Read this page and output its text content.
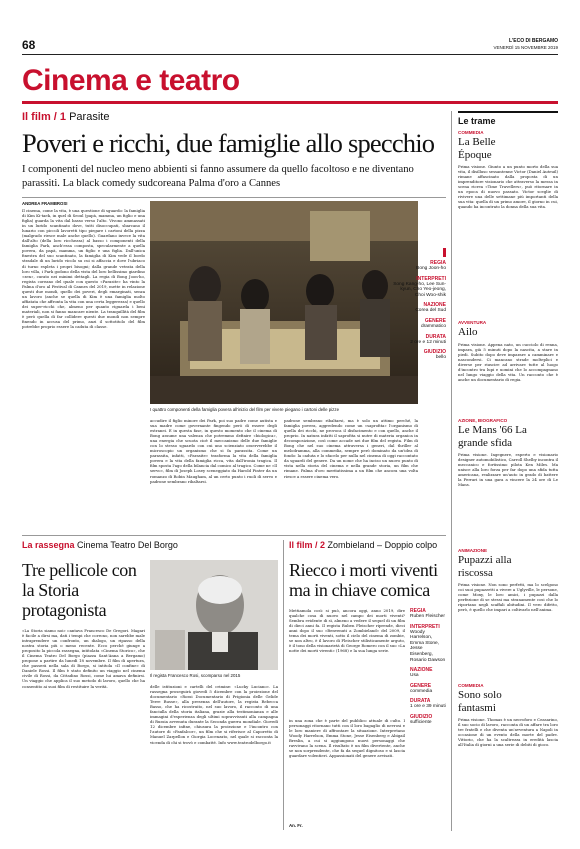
68	L'ECO DI BERGAMO
VENERDÌ 15 NOVEMBRE 2019
Cinema e teatro
Il film / 1 Parasite
Poveri e ricchi, due famiglie allo specchio
I componenti del nucleo meno abbienti si fanno assumere da quello facoltoso e ne diventano parassiti. La black comedy sudcoreana Palma d'oro a Cannes
ANDREA FRAMBROSI
Il cinema, come la vita, è una questione di sguardo: la famiglia di Kim Ki-taek, in quel di Seoul (papà, mamma, un figlio e una figlia) guarda la vita dal basso verso l'alto. Vivono ammassati in un lurido scantinato dove, tutti disoccupati, sbarcano il lunario con piccoli lavoretti tipo piegare i cartoni della pizza (malgrado riesce male anche quello). Guardano invece la vita dall'alto (della loro ricchezza) al basso i componenti della famiglia Park, anch'essa composta, specularmente a quella povera, da papà, mamma, un figlio e una figlia. Dall'unica finestra del suo scantinato, la famiglia di Kim vede il bordo stradale di un lurido vicolo su cui si affaccia e dove l'ubriaco di turno espleta i propri bisogni; dalla grande vetrata della loro villa, i Park godono della vista del loro bellissimo giardino «zen», curato nei minimi dettagli. La regia di Bong Joon-ho, regista coreano del quale con questo «Parasite» ha vinto la Palma d'oro al Festival di Cannes del 2019, mette in relazione questi due mondi, quello dei poveri, degli emarginati, senza un lavoro (anche se quella di Kim è una famiglia molto affiatata che affronta la vita con una certa leggerezza) e quello dei super-ricchi che, almeno per quanto riguarda i beni materiali, non si fanno mancare niente. La tranquillità del film è però quella di far collidere questi due mondi non sempre finendo in accusa del primo, anzi il sottotitolo del film potrebbe proprio essere la caduta di classe.
I quattro componenti della famiglia povera all'inizio del film per vivere piegano i cartoni delle pizze
accudire il figlio minore dei Park, poi suo padre come autista e sua madre come governante fingendo però di essere degli estranei. E in questa fase, in questo momento che il cinema di Bong assume una valenza che potremmo definire «biologica», una energia che scuota cioè il meccanismo delle due famiglie con lo stesso sguardo con cui uno scienziato osserverebbe il microscopio un organismo che si fa parassita. Come un parassita, infatti, «Parasite» trasforma la vita della famiglia povera e la vita della famiglia ricca, vita dall'ironia tragica. Il film sposta l'ago della bilancia dal comico al tragico. Come ne «Il servo», film di Joseph Losey sceneggiato da Harold Pinter da un romanzo di Robin Maugham, al un certo punto i ruoli di servo e padrone sembrano ribaltarsi.
padrone sembrano ribaltarsi, ma è solo un attimo perché, la famiglia povera, aggredendo come un «saprofita» l'organismo di quella dei ricchi, ne provoca il disfacimento e con quello, anche il proprio. In natura infatti il saprofita si nutre di materia organica in decomposizione, così come accade nei due film del regista. Film di Bong che nel suo cinema attraversa i generi, dal thriller al melodramma, alla commedia, sempre però dominato da un'idea di fondo: la caduta e lo sfacelo per nulla nel cinema di oggi raccontato da sguardi del genere. Da un nome che ha inciso un nuovo punto di vista nella storia del cinema e nella grande storia, un film che rimane. Palma d'oro meritatissima a un film che ancora una volta riesce a essere cinema vero.
REGIA
Bong Joon-ho
INTERPRETI
Song Kang-ho, Lee Sun-kyun, Cho Yeo-jeong, Choi Woo-shik
NAZIONE
Corea del Sud
GENERE
drammatico
DURATA
2 ore e 12 minuti
GIUDIZIO
bello
La rassegna Cinema Teatro Del Borgo
Tre pellicole con la Storia protagonista
«La Storia siamo noi» cantava Francesco De Gregori. Magari è facile a dirsi ma, dati i tempi che corrono, non sarebbe male intraprendere un confronto, un dialogo, un ripasso della nostra storia più o meno recente. Ecco perché giunge a proposito la piccola rassegna, intitolata «Cinema Storico», che il Cinema Teatro Del Borgo (piazza Sant'Anna a Bergamo) propone a partire da lunedì 18 novembre. Il film di apertura, che passerà nella sala di Borgo, si intitola «Il confine» di Daniele Rossi. Il film è stato definito un viaggio nel cinema civile di Rossi, da Cittadino Rossi, come lui amava definirsi. Un viaggio che applica il suo metodo di lavoro, quello che ha consentito ai suoi film di restituire la verità.
Il regista Francesco Rosi, scomparso nel 2015
delle istituzioni e cartelli del crimine: «Lucky Luciano». La rassegna proseguirà giovedì 5 dicembre con la proiezione del documentario «Rossi Documentario di Prigionia delle Gelide Terre Russe», alla presenza dell'autore, la regista Rebecca Basso, che ha ricostruito, nel suo lavoro, il racconto di una fanciulla della storia italiana, grazie alla testimonianza e alle immagini d'esperienza degli ultimi sopravvissuti alla campagna di Russia avvenuta durante la Seconda guerra mondiale. Giovedì 12 dicembre infine, chiusura la proiezione e l'incontro con l'autore di «Fanfalcor», un film che si riferisce al Caporetto di Manuel Zarpellon e Giorgia Locenzato, nel quale si racconta la vicenda di chi si trovò e combatté. Info www.teatrodelborgo.it
Il film / 2 Zombieland – Doppio colpo
Riecco i morti viventi ma in chiave comica
Mettiamola così: si può, ancora oggi, anno 2019, dire qualche cosa di nuovo nel campo dei morti viventi? Sembra evidente di sì, almeno a vedere il sequel di un film di dieci anni fa. Il regista Ruben Fleischer riprende, dieci anni dopo il suo «Benvenuti a Zombieland» del 2009, il tema dei morti viventi, sotto il cielo del cinema di zombie, se non altro, è il lavoro di Fleischer stilisticamente arguto, è il tono della visionarietà di George Romero con il suo «La notte dei morti viventi» (1968) e la sua lunga serie.
in una zona che è parte del pubblico attuale di culto. I personaggi ritornano tutti con il loro bagaglio di nevrosi e le loro maniere di affrontare la situazione. Interpretano Woody Harrelson, Emma Stone, Jesse Eisenberg e Abigail Breslin, a cui si aggiungono nuovi personaggi che ravvivano la scena. Il risultato è un film divertente, anche se non sorprendente, che fa da sequel dignitoso e si lascia guardare volentieri. Appassionati del genere avvisati.
An. Fr.
REGIA
Ruben Fleischer
INTERPRETI
Woody Harrelson, Emma Stone, Jesse Eisenberg, Rosario Dawson
NAZIONE
Usa
GENERE
commedia
DURATA
1 ore e 39 minuti
GIUDIZIO
sufficiente
Le trame
COMMEDIA
La Belle Époque
Prima visione. Giunto a un punto morto della sua vita, il disilluso sessantenne Victor (Daniel Auteuil) rimane affascinato dalla proposta di un imprenditore visionario che attraverso la messa in scena ricrea «Time Travellers», può ritornare in un epoca di nuovo passato. Victor sceglie di rivivere una delle settimane più importanti della sua vita: quella di un primo amore, il giorno in cui, quando ha incontrato la donna della sua vita.
AVVENTURA
Ailo
Prima visione. Appena nato, un cucciolo di renna, impara, già 5 minuti dopo la nascita, a stare in piedi. Subito dopo deve imparare a camminare e nascondersi. Ci mancano strade molteplici e diverse per riuscire ad arrivare tutte al luogo d'incontro tra lupi e uomini che lo accompagnano nel lungo viaggio della vita. Un racconto che è anche un documentario di regia.
AZIONE, BIOGRAFICO
Le Mans '66 La grande sfida
Prima visione. Ingegnere, esperto e visionario designer automobilistico, Carroll Shelby incontra il meccanico e fortissimo pilota Ken Miles. Ma unisce alla loro forza per far dopo una sfida tutta americana, realizzare un'auto in grado di battere la Ferrari in una gara a vincere la 24 ore di Le Mans.
ANIMAZIONE
Pupazzi alla riscossa
Prima visione. Non sono perfetti, ma lo scelgono coi suoi pupazzetti a vivere a Uglyville, le persone, come Moxy, le loro amici, i pupazzi dalla perfezione di se stessi ma stranamente cosi che lo riportano negli scaffali abitudini. Il vero difetto, però, è quello che impari a coltivarlo nell'anima.
COMMEDIA
Sono solo fantasmi
Prima visione. Thomas è un necroforo e Ceasarino, il suo socio di lavoro, racconta di un affare tra loro tre fratelli e che diventa un'avventura a Napoli in occasione di un evento della morte del padre. Vittorio, che ha la scaltrezza in eredità lascia all'Italia di giorni a una serie di debiti di gioco.
